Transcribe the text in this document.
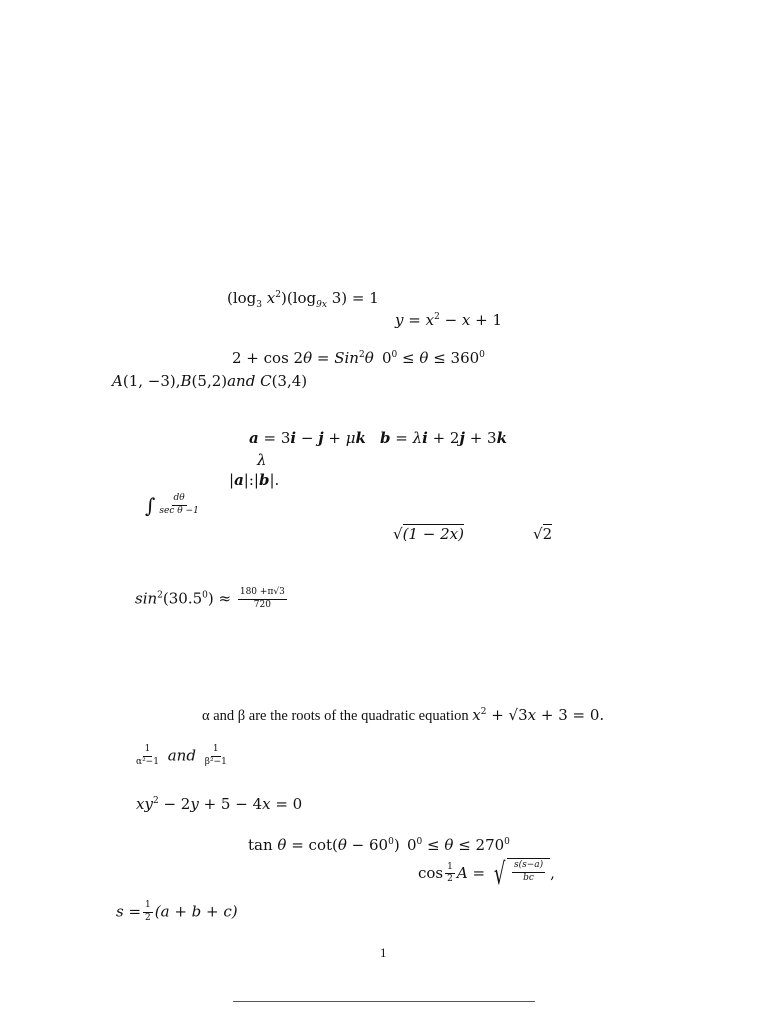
($\log_3$ $x^2)(\log_{9x}$ 3) = 1
$y = x^2 - x + 1$
2 + cos 2θ = Sin$^2$θ $0^0 \le \theta \le 360^0$
A(1, −3),B(5,2)and C(3,4)
a = 3i − j + μk b = λi + 2j + 3k
λ
|a|:|b|.
∫ $\frac{d\theta}{\text{sec θ −1}}$
√(1 − 2x)	√2
$\sin^2(30.5^0) \approx \frac{180 +\pi√3}{720}$
α and β are the roots of the quadratic equation $x^2 + √3x + 3 = 0$.
$\frac{1}{\text{α²−1}}$ and $\frac{1}{\text{β²−1}}$
$xy^2 - 2y + 5 - 4x = 0$
$\tan \theta = \cot(\theta - 60^0)$ $0^0 \le \theta \le 270^0$
$\cos \frac{1}{2}$ A = √ $\frac{s(s-a)}{bc}$ ,
$s = \frac{1}{2} (a + b + c)$
1
